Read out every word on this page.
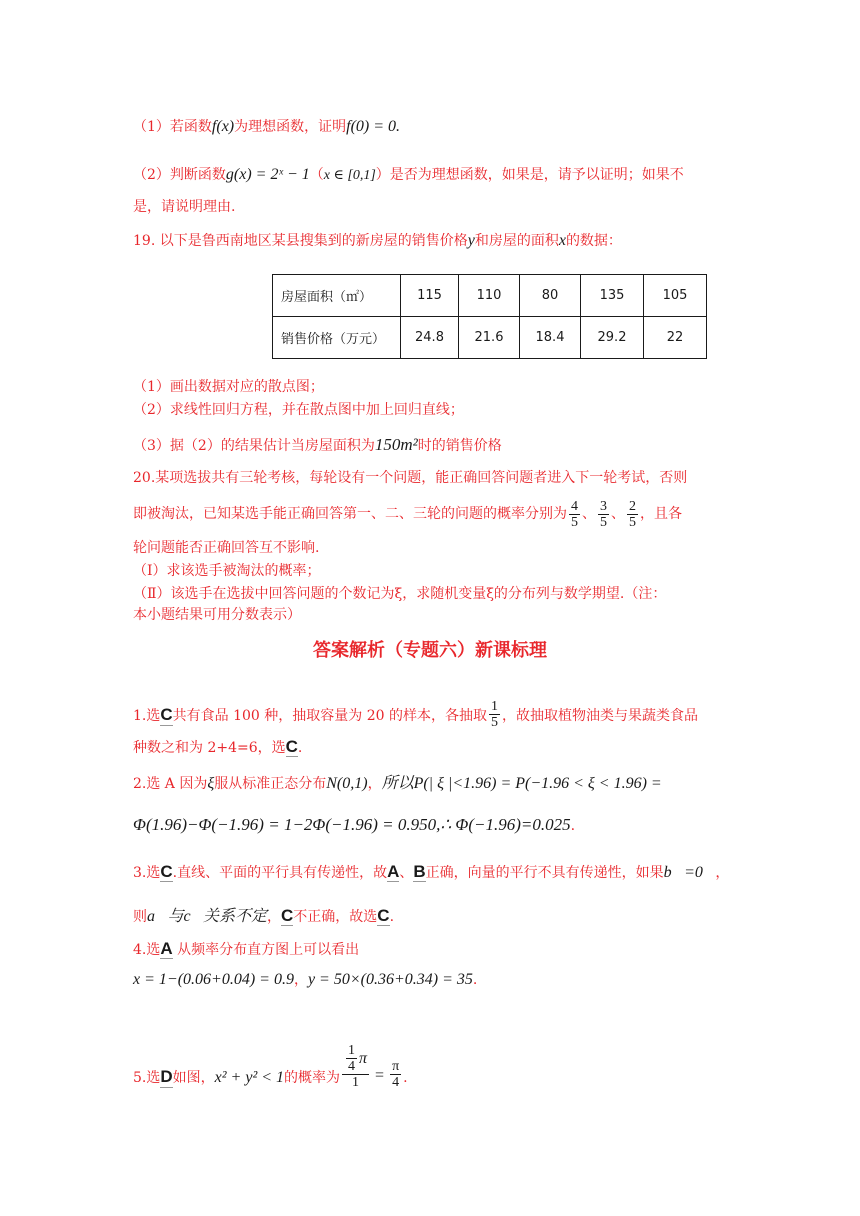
（1）若函数f(x)为理想函数，证明f(0) = 0.
（2）判断函数g(x) = 2ˣ − 1（x ∈ [0,1]）是否为理想函数，如果是，请予以证明；如果不
是，请说明理由.
19. 以下是鲁西南地区某县搜集到的新房屋的销售价格y和房屋的面积x的数据：
房屋面积（㎡）	115	110	80	135	105
销售价格（万元）	24.8	21.6	18.4	29.2	22
（1）画出数据对应的散点图；
（2）求线性回归方程，并在散点图中加上回归直线；
（3）据（2）的结果估计当房屋面积为150m²时的销售价格
20.某项选拔共有三轮考核，每轮设有一个问题，能正确回答问题者进入下一轮考试，否则
即被淘汰，已知某选手能正确回答第一、二、三轮的问题的概率分别为 $\frac{4}{5}$ 、 $\frac{3}{5}$ 、 $\frac{2}{5}$ ，且各
轮问题能否正确回答互不影响.
（Ⅰ）求该选手被淘汰的概率；
（Ⅱ）该选手在选拔中回答问题的个数记为ξ，求随机变量ξ的分布列与数学期望.（注：
本小题结果可用分数表示）
答案解析（专题六）新课标理
1.选 C 共有食品 100 种，抽取容量为 20 的样本，各抽取 $\frac{1}{5}$ ，故抽取植物油类与果蔬类食品
种数之和为 2+4=6，选C.
2.选 A 因为ξ服从标准正态分布N(0,1)，所以P(| ξ |<1.96) = P(−1.96 < ξ < 1.96) =
Φ(1.96)−Φ(−1.96) = 1−2Φ(−1.96) = 0.950,∴ Φ(−1.96)=0.025.
3.选C.直线、平面的平行具有传递性，故A、B正确，向量的平行不具有传递性，如果b⃗=0⃗，
则a⃗与c⃗关系不定，C不正确，故选C.
4.选A 从频率分布直方图上可以看出
x = 1−(0.06+0.04) = 0.9，y = 50×(0.36+0.34) = 35.
5.选 D 如图， x² + y² < 1 的概率为 $\frac{\frac{1}{4} \pi}{1} = \frac{\pi}{4}$ .
